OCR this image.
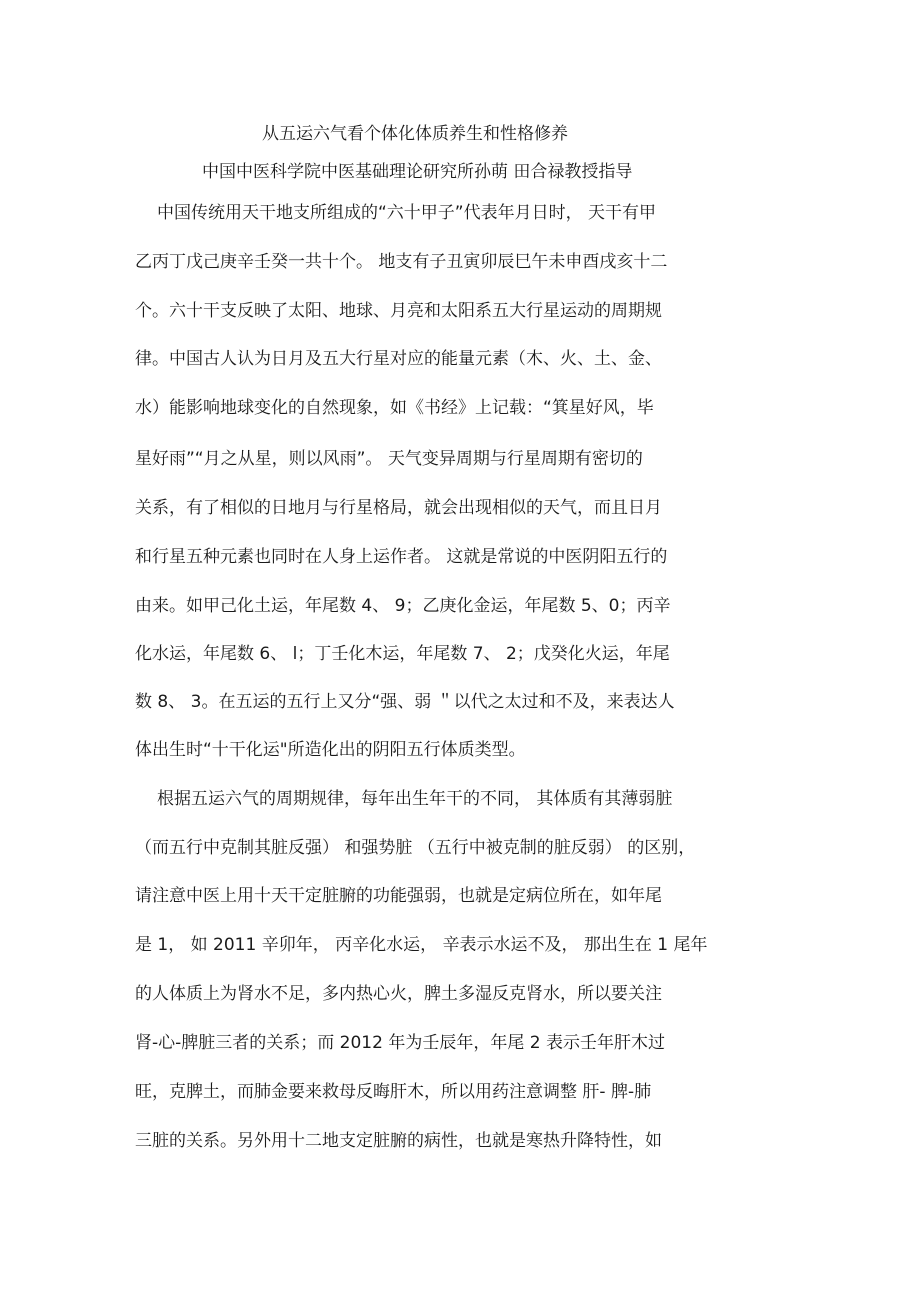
从五运六气看个体化体质养生和性格修养

中国中医科学院中医基础理论研究所孙萌 田合禄教授指导

中国传统用天干地支所组成的“六十甲子”代表年月日时， 天干有甲

乙丙丁戊己庚辛壬癸一共十个。 地支有子丑寅卯辰巳午未申酉戌亥十二

个。六十干支反映了太阳、地球、月亮和太阳系五大行星运动的周期规

律。中国古人认为日月及五大行星对应的能量元素（木、火、土、金、

水）能影响地球变化的自然现象，如《书经》上记载：“箕星好风，毕

星好雨”“月之从星，则以风雨”。 天气变异周期与行星周期有密切的

关系，有了相似的日地月与行星格局，就会出现相似的天气，而且日月

和行星五种元素也同时在人身上运作者。 这就是常说的中医阴阳五行的

由来。如甲己化土运，年尾数 4、 9；乙庚化金运，年尾数 5、0；丙辛

化水运，年尾数 6、 l；丁壬化木运，年尾数 7、 2；戊癸化火运，年尾

数 8、 3。在五运的五行上又分“强、弱 ＂以代之太过和不及，来表达人

体出生时“十干化运"所造化出的阴阳五行体质类型。

根据五运六气的周期规律，每年出生年干的不同， 其体质有其薄弱脏

（而五行中克制其脏反强） 和强势脏 （五行中被克制的脏反弱） 的区别，

请注意中医上用十天干定脏腑的功能强弱，也就是定病位所在，如年尾

是 1， 如 2011 辛卯年， 丙辛化水运， 辛表示水运不及， 那出生在 1 尾年

的人体质上为肾水不足，多内热心火，脾土多湿反克肾水，所以要关注

肾-心-脾脏三者的关系；而 2012 年为壬辰年，年尾 2 表示壬年肝木过

旺，克脾土，而肺金要来救母反晦肝木，所以用药注意调整 肝- 脾-肺

三脏的关系。另外用十二地支定脏腑的病性，也就是寒热升降特性，如
